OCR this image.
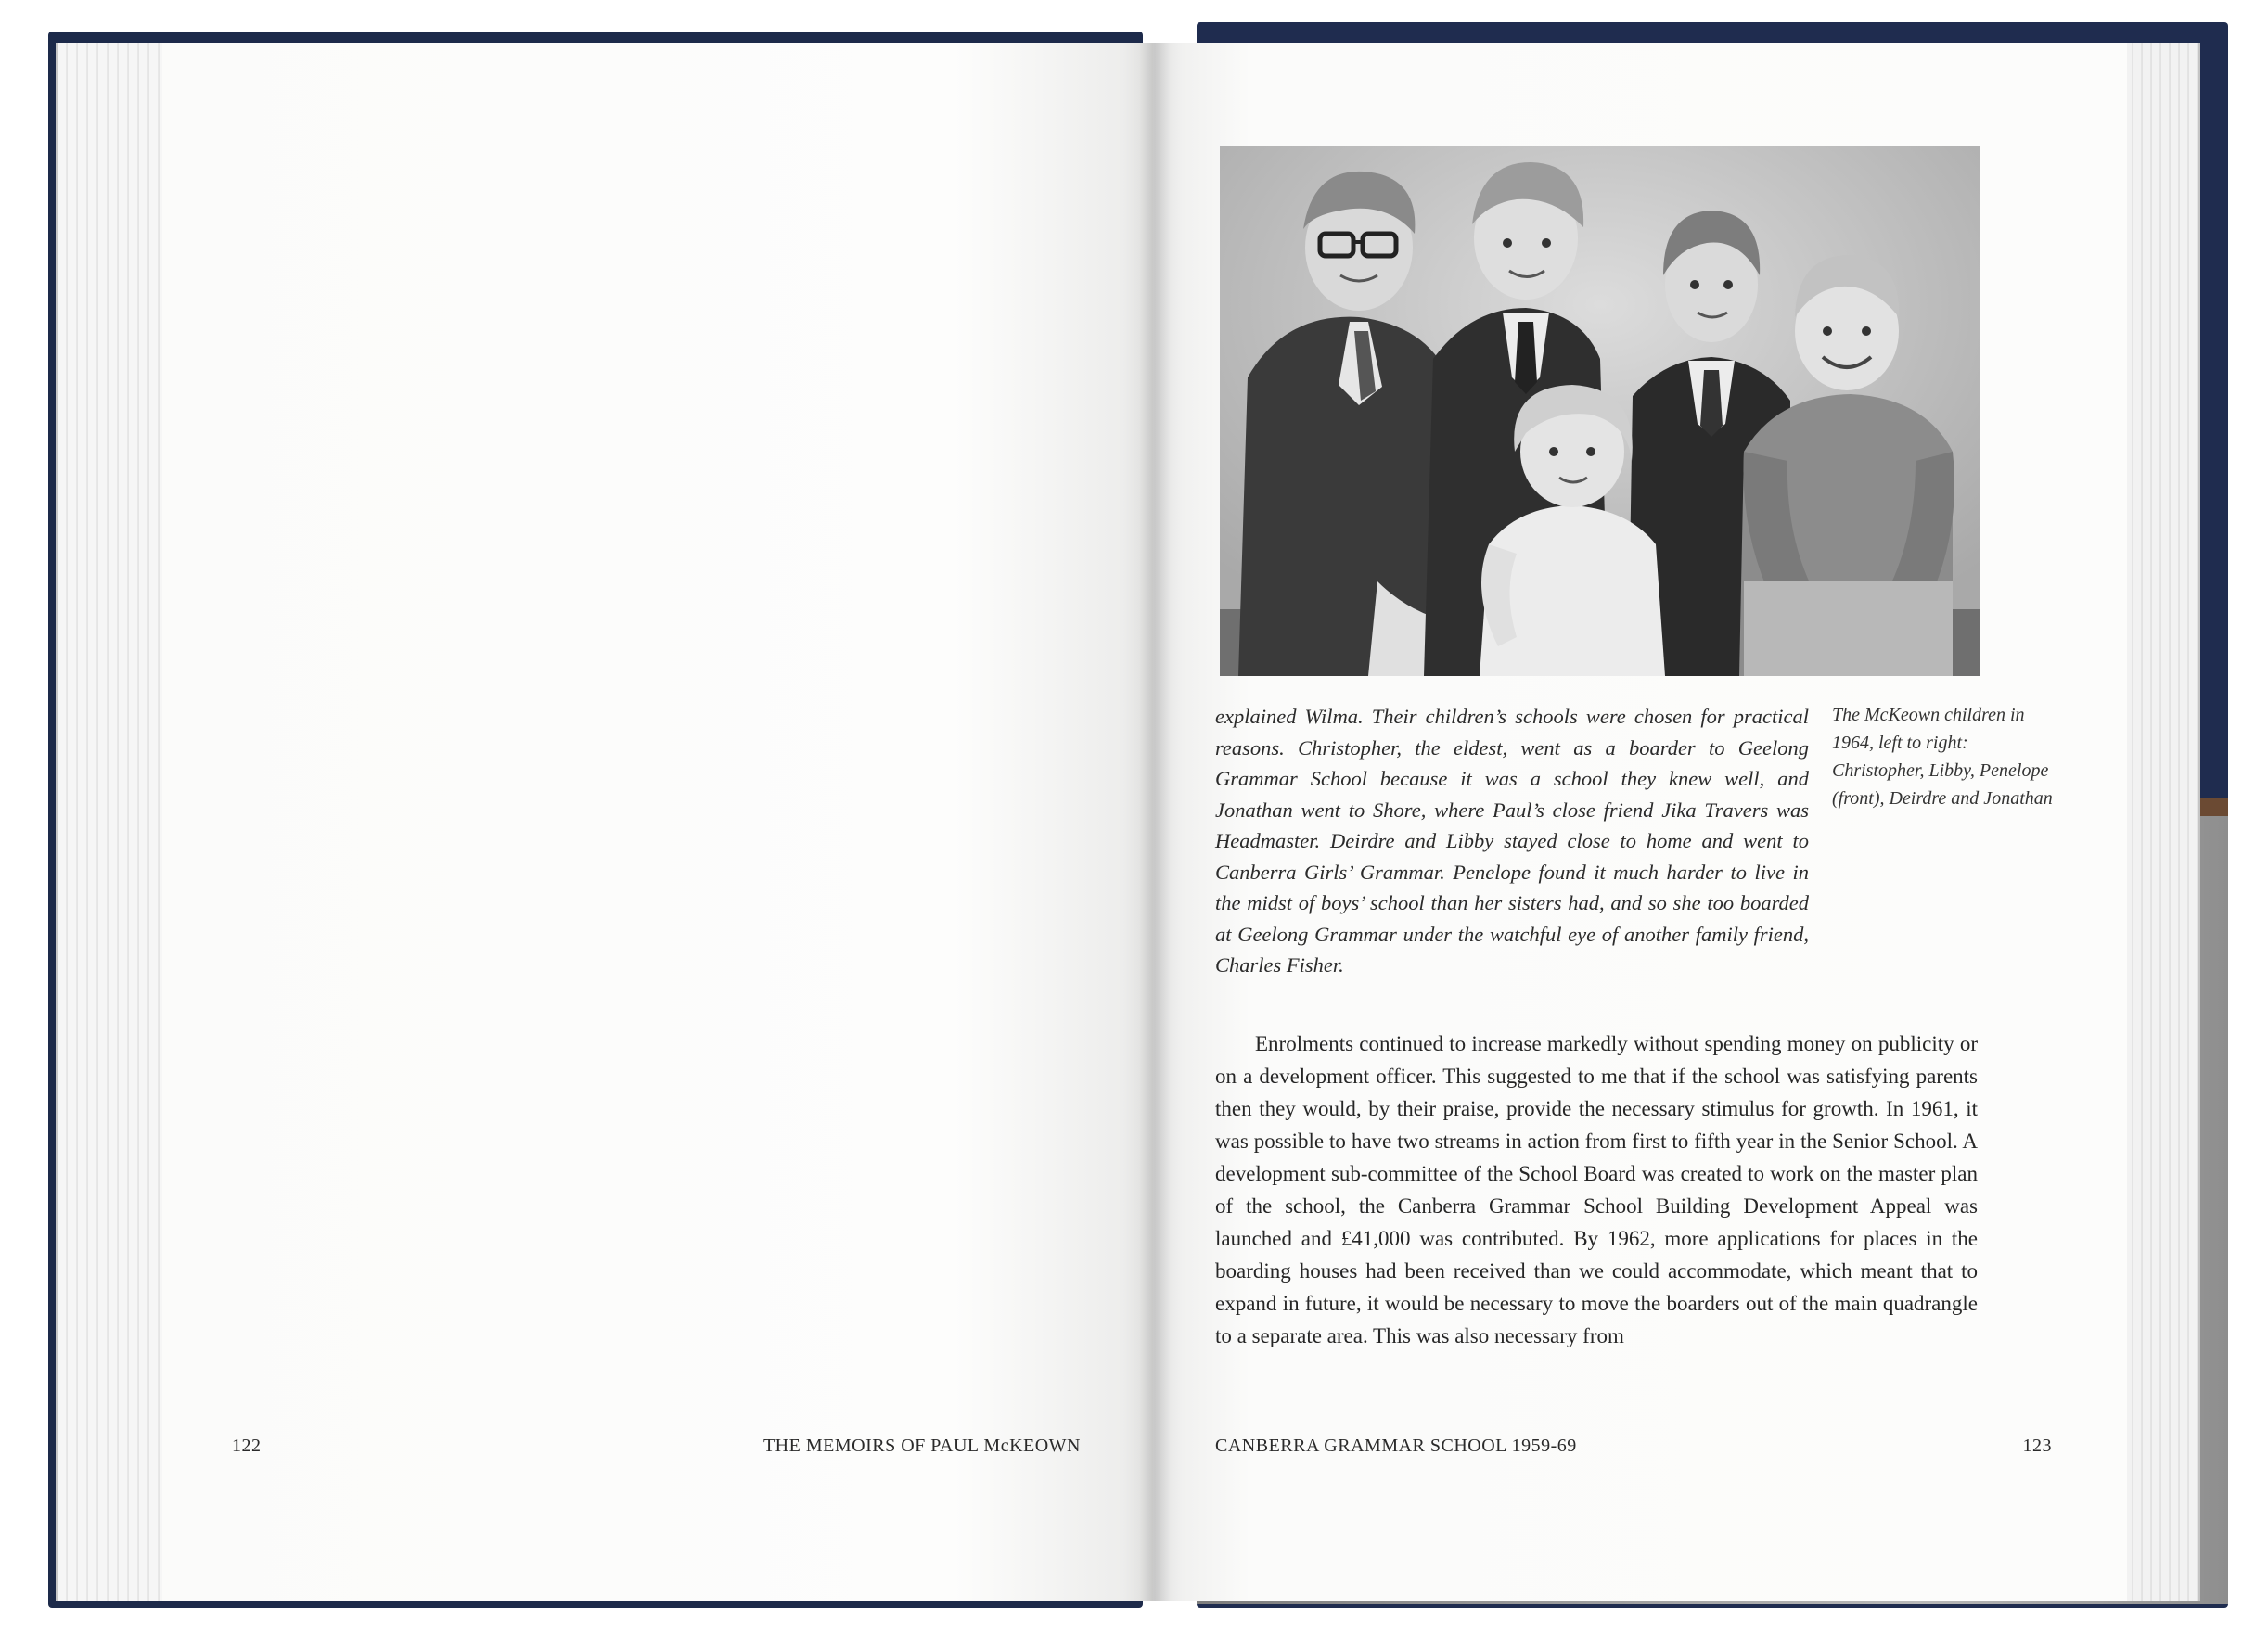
The McKeown children in 1964, left to right: Christopher, Libby, Penelope (front), Deirdre and Jonathan

explained Wilma. Their children’s schools were chosen for practical reasons. Christopher, the eldest, went as a boarder to Geelong Grammar School because it was a school they knew well, and Jonathan went to Shore, where Paul’s close friend Jika Travers was Headmaster. Deirdre and Libby stayed close to home and went to Canberra Girls’ Grammar. Penelope found it much harder to live in the midst of boys’ school than her sisters had, and so she too boarded at Geelong Grammar under the watchful eye of another family friend, Charles Fisher.

Enrolments continued to increase markedly without spending money on publicity or on a development officer. This suggested to me that if the school was satisfying parents then they would, by their praise, provide the necessary stimulus for growth. In 1961, it was possible to have two streams in action from first to fifth year in the Senior School. A development sub-committee of the School Board was created to work on the master plan of the school, the Canberra Grammar School Building Development Appeal was launched and £41,000 was contributed. By 1962, more applications for places in the boarding houses had been received than we could accommodate, which meant that to expand in future, it would be necessary to move the boarders out of the main quadrangle to a separate area. This was also necessary from

122	THE MEMOIRS OF PAUL McKEOWN	CANBERRA GRAMMAR SCHOOL 1959-69	123
